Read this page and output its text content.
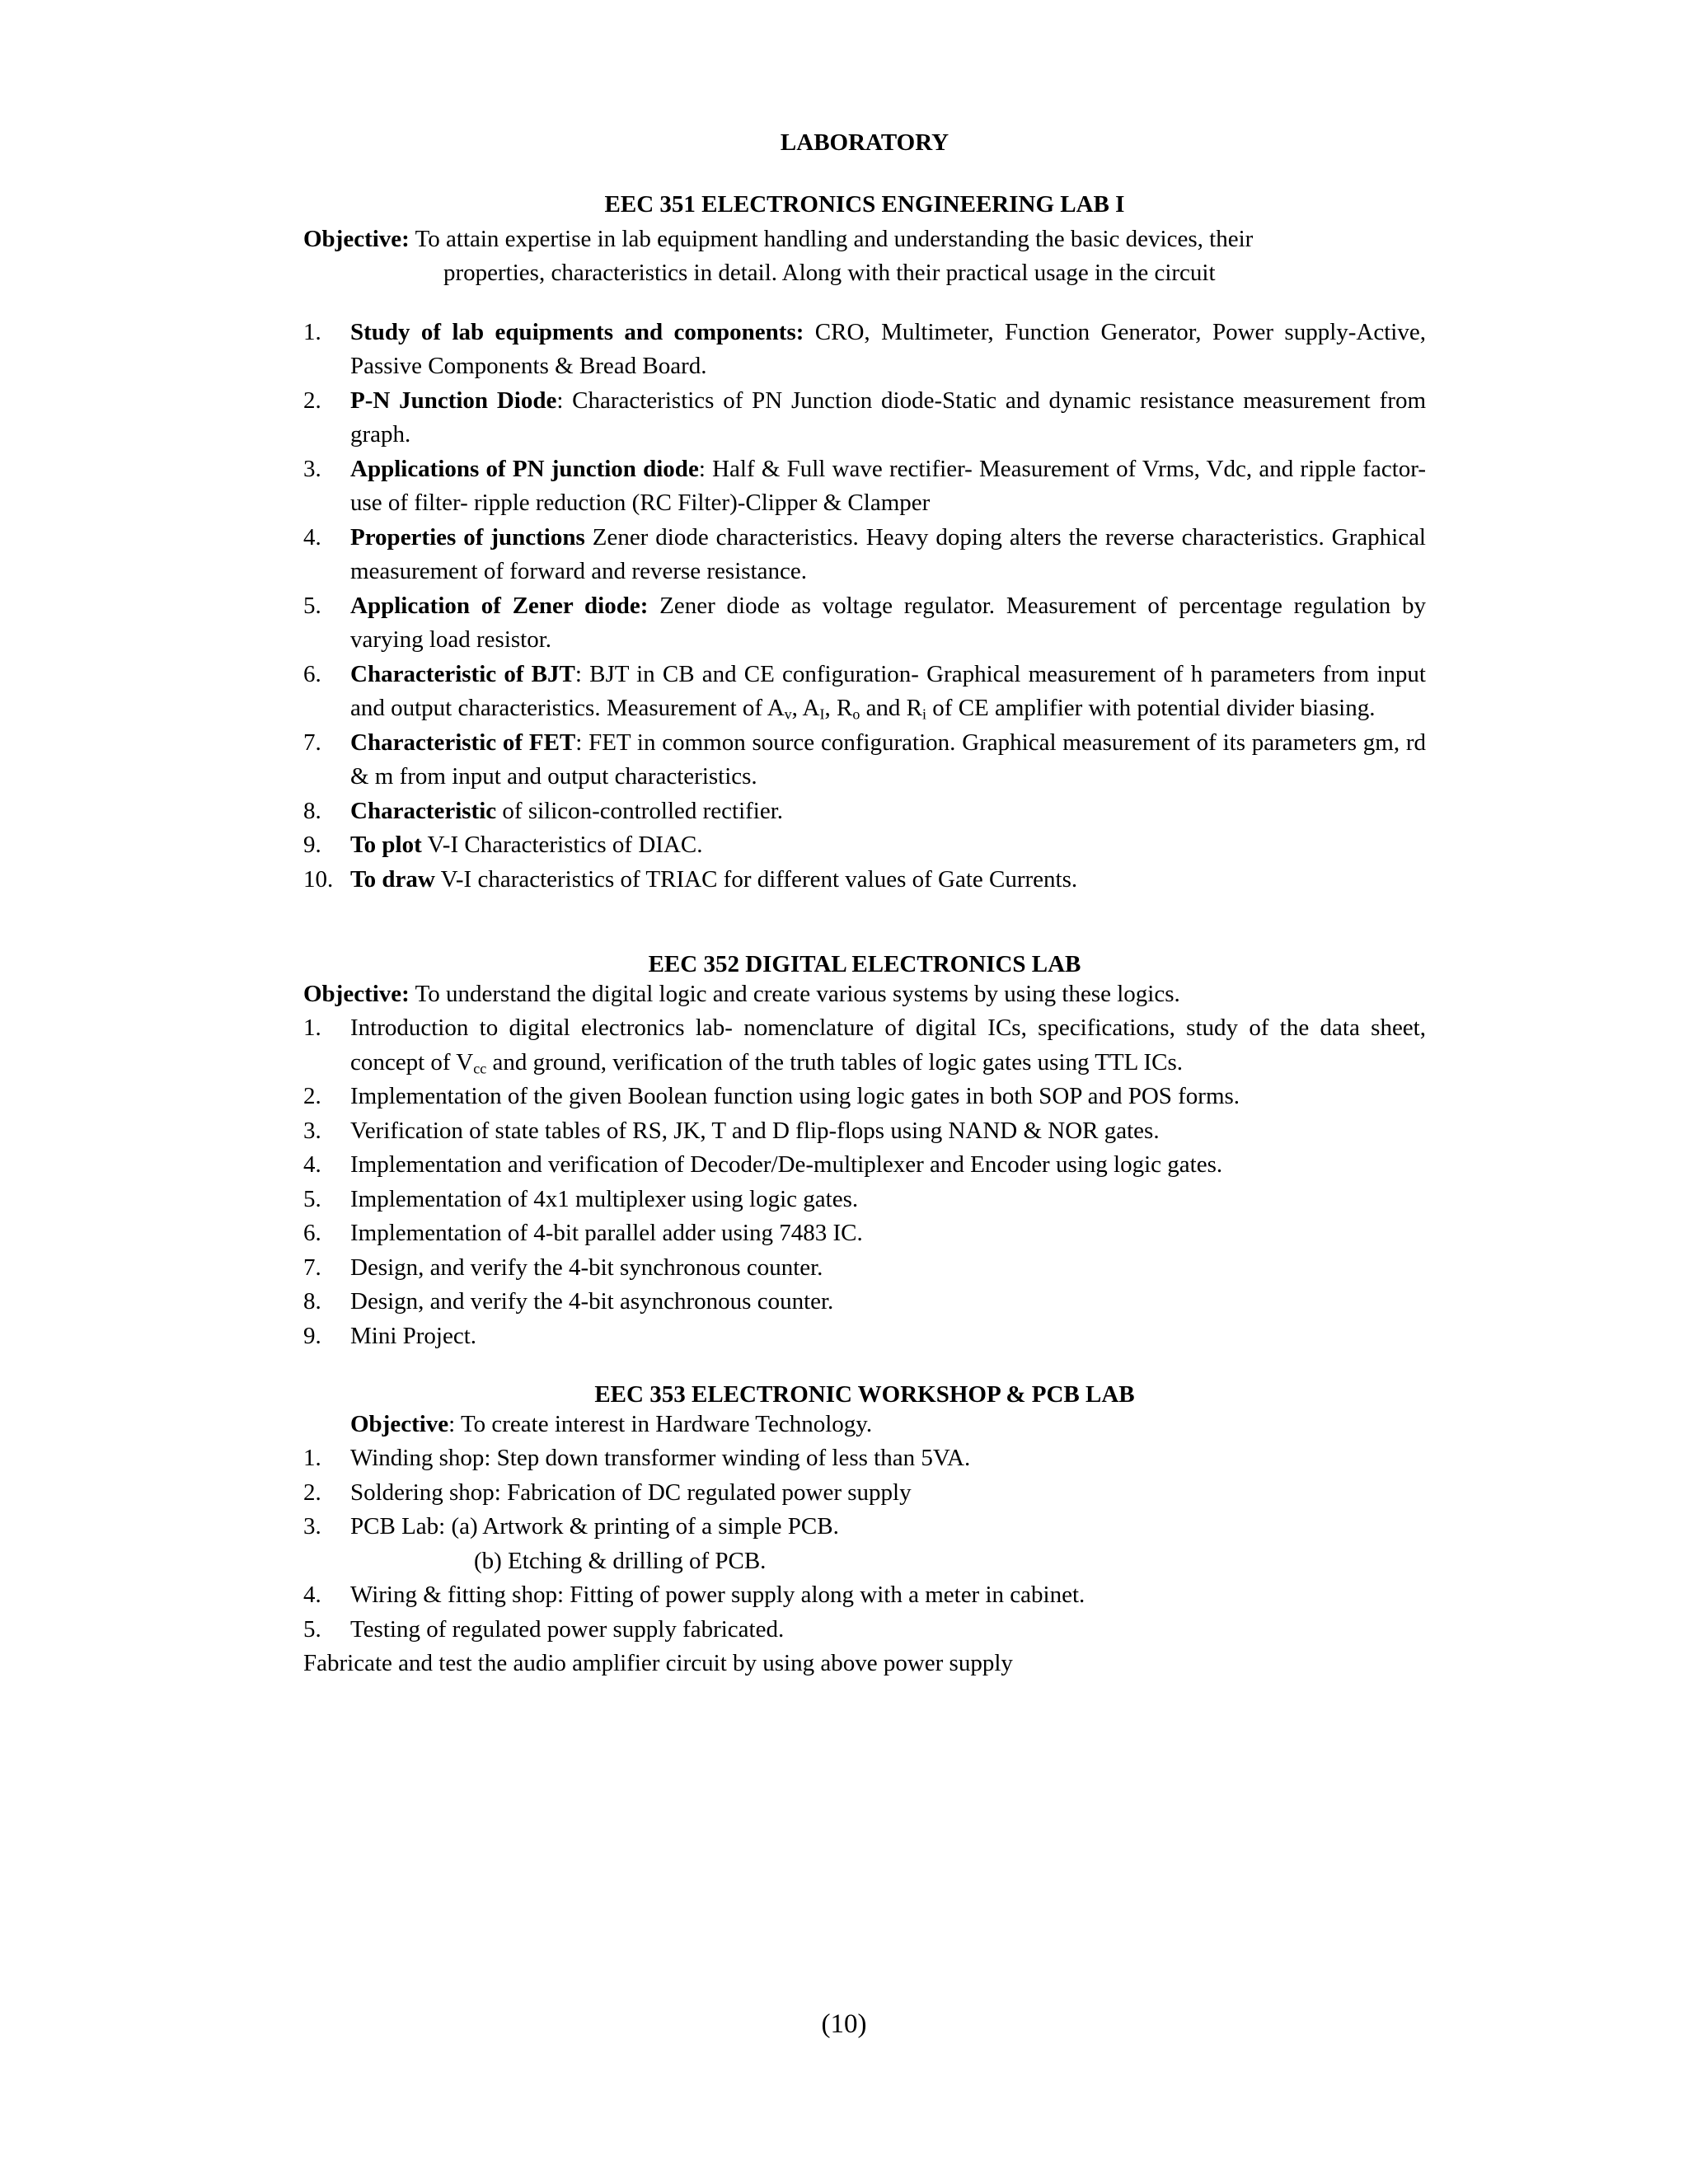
LABORATORY
EEC 351 ELECTRONICS ENGINEERING LAB I
Objective: To attain expertise in lab equipment handling and understanding the basic devices, their
properties, characteristics in detail. Along with their practical usage in the circuit
1. Study of lab equipments and components: CRO, Multimeter, Function Generator, Power supply-Active, Passive Components & Bread Board.
2. P-N Junction Diode: Characteristics of PN Junction diode-Static and dynamic resistance measurement from graph.
3. Applications of PN junction diode: Half & Full wave rectifier- Measurement of Vrms, Vdc, and ripple factor-use of filter- ripple reduction (RC Filter)-Clipper & Clamper
4. Properties of junctions Zener diode characteristics. Heavy doping alters the reverse characteristics. Graphical measurement of forward and reverse resistance.
5. Application of Zener diode: Zener diode as voltage regulator. Measurement of percentage regulation by varying load resistor.
6. Characteristic of BJT: BJT in CB and CE configuration- Graphical measurement of h parameters from input and output characteristics. Measurement of $A_v$, $A_I$, $R_o$ and $R_i$ of CE amplifier with potential divider biasing.
7. Characteristic of FET: FET in common source configuration. Graphical measurement of its parameters gm, rd & m from input and output characteristics.
8. Characteristic of silicon-controlled rectifier.
9. To plot V-I Characteristics of DIAC.
10. To draw V-I characteristics of TRIAC for different values of Gate Currents.
EEC 352 DIGITAL ELECTRONICS LAB
Objective: To understand the digital logic and create various systems by using these logics.
1. Introduction to digital electronics lab- nomenclature of digital ICs, specifications, study of the data sheet, concept of $V_{cc}$ and ground, verification of the truth tables of logic gates using TTL ICs.
2. Implementation of the given Boolean function using logic gates in both SOP and POS forms.
3. Verification of state tables of RS, JK, T and D flip-flops using NAND & NOR gates.
4. Implementation and verification of Decoder/De-multiplexer and Encoder using logic gates.
5. Implementation of 4x1 multiplexer using logic gates.
6. Implementation of 4-bit parallel adder using 7483 IC.
7. Design, and verify the 4-bit synchronous counter.
8. Design, and verify the 4-bit asynchronous counter.
9. Mini Project.
EEC 353 ELECTRONIC WORKSHOP & PCB LAB
Objective: To create interest in Hardware Technology.
1. Winding shop: Step down transformer winding of less than 5VA.
2. Soldering shop: Fabrication of DC regulated power supply
3. PCB Lab: (a) Artwork & printing of a simple PCB.
(b) Etching & drilling of PCB.
4. Wiring & fitting shop: Fitting of power supply along with a meter in cabinet.
5. Testing of regulated power supply fabricated.
Fabricate and test the audio amplifier circuit by using above power supply
(10)
